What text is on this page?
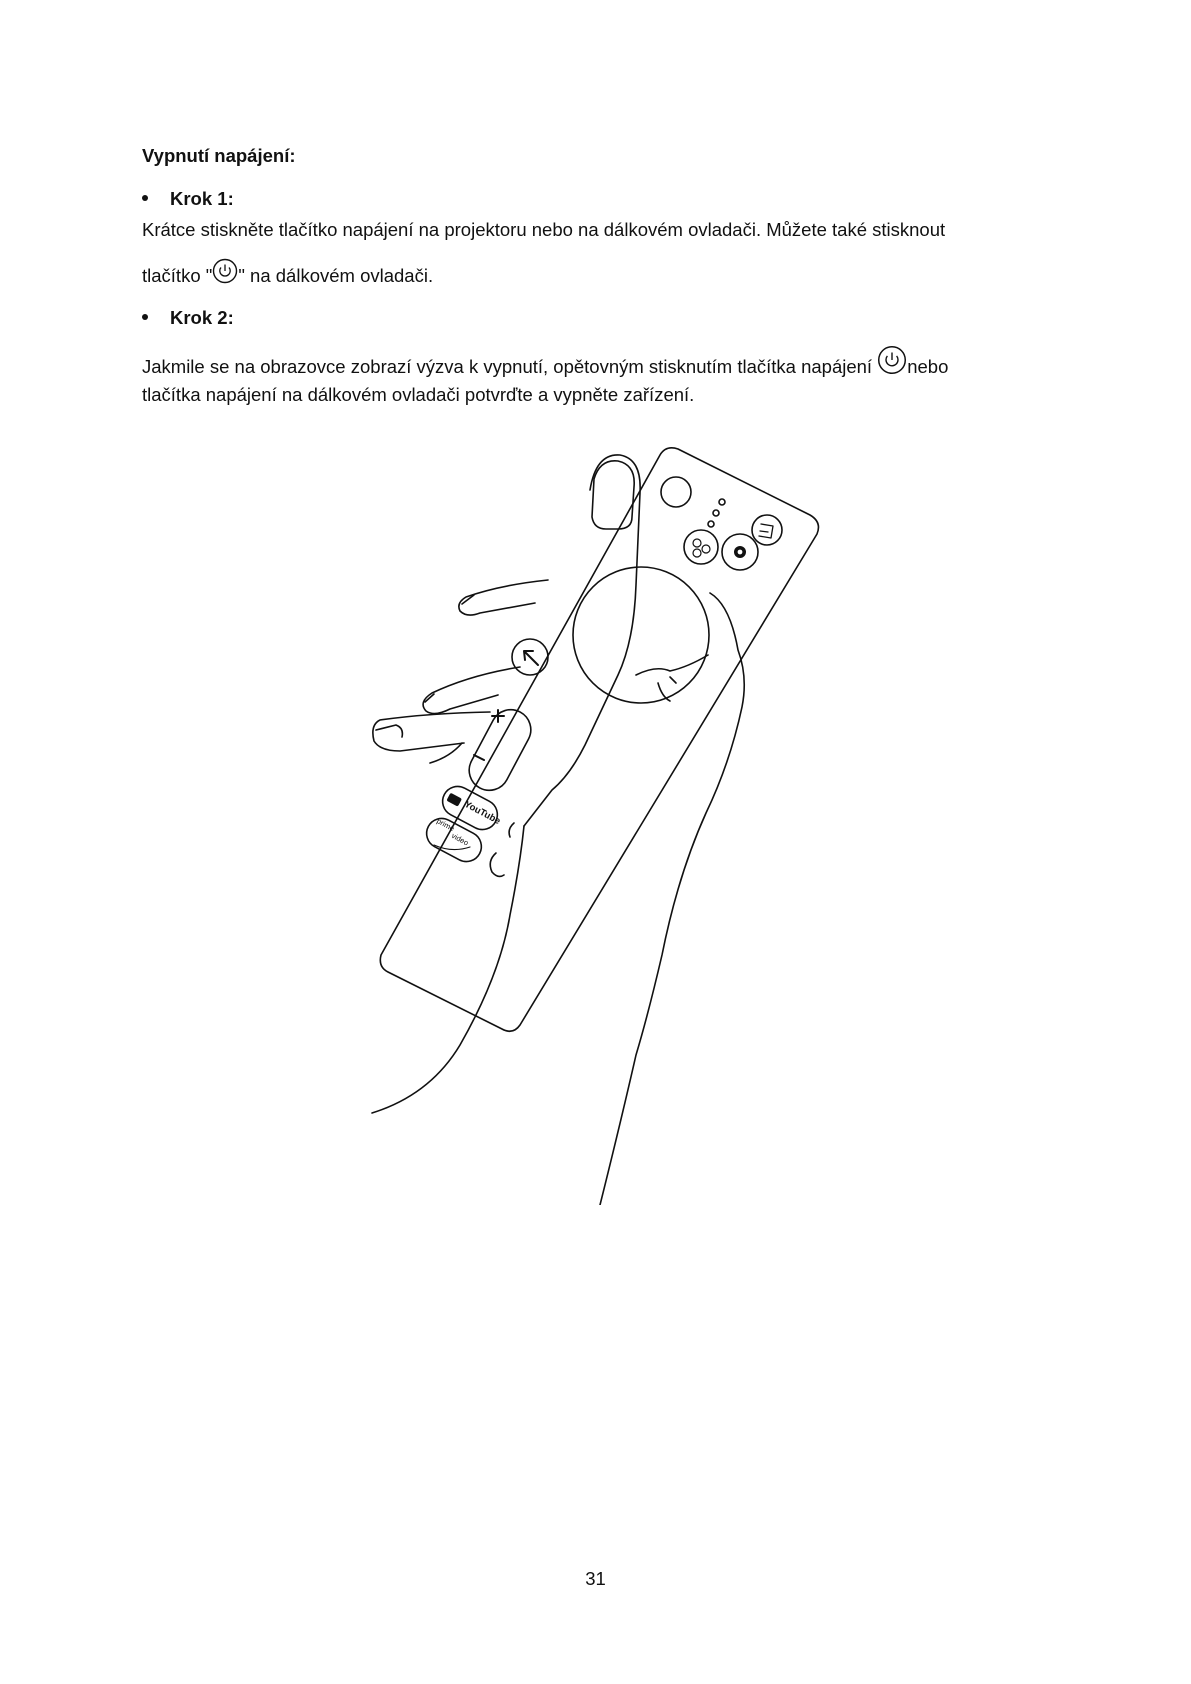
Vypnutí napájení:
Krok 1:
Krátce stiskněte tlačítko napájení na projektoru nebo na dálkovém ovladači. Můžete také stisknout
tlačítko " " na dálkovém ovladači.
Krok 2:
Jakmile se na obrazovce zobrazí výzva k vypnutí, opětovným stisknutím tlačítka napájení nebo
tlačítka napájení na dálkovém ovladači potvrďte a vypněte zařízení.
YouTube
prime
video
31
